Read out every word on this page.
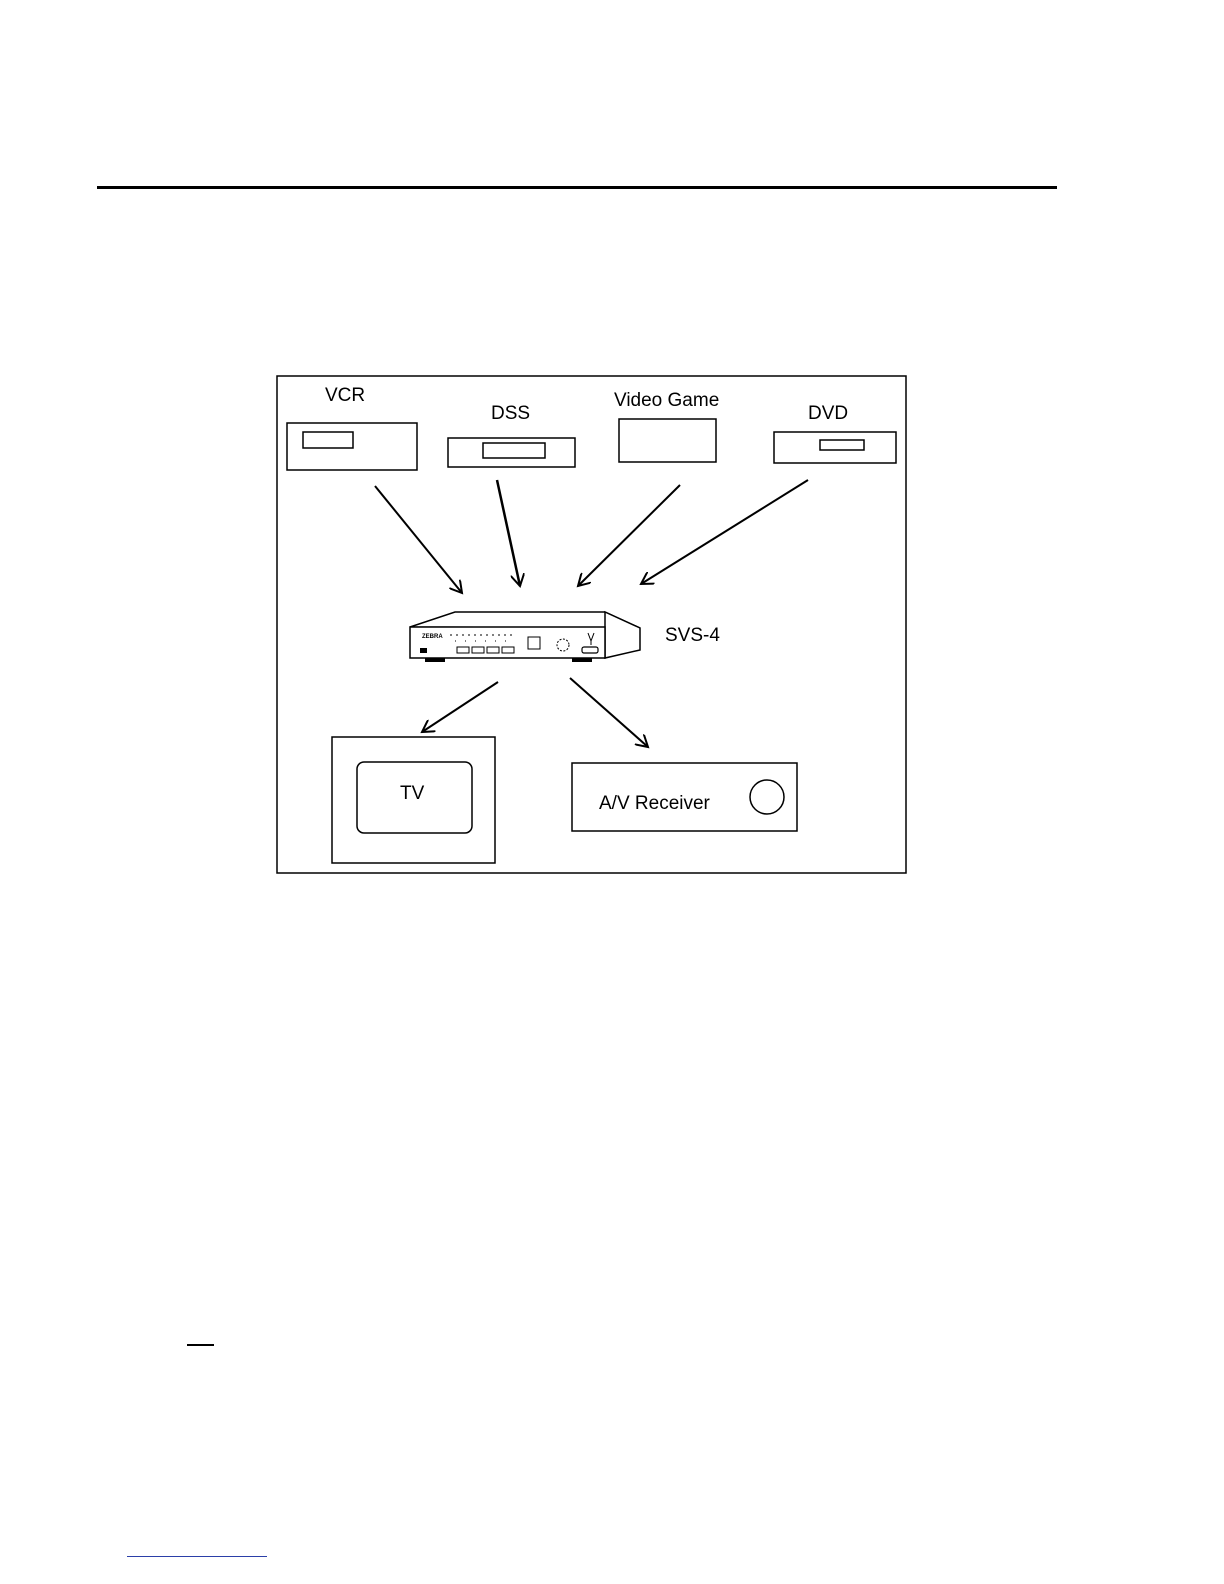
VCR
DSS
Video Game
DVD
ZEBRA	SVS-4
TV	A/V Receiver
